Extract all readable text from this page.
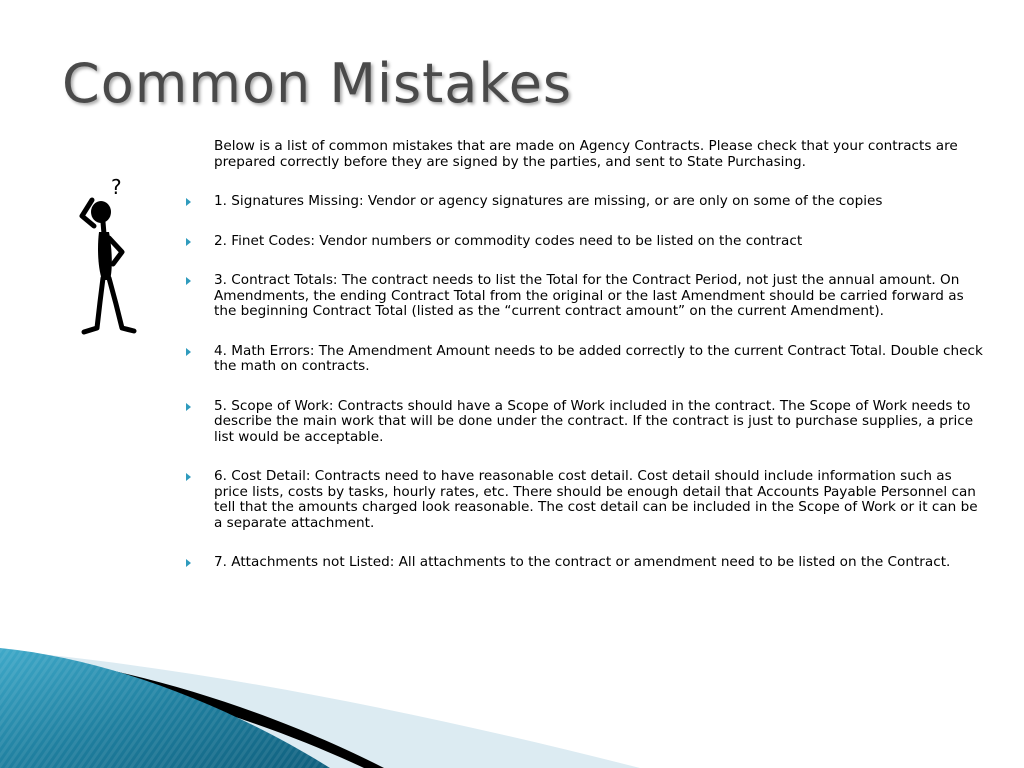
Common Mistakes
?

Below is a list of common mistakes that are made on Agency Contracts. Please check that your contracts are prepared correctly before they are signed by the parties, and sent to State Purchasing.

1. Signatures Missing: Vendor or agency signatures are missing, or are only on some of the copies
2. Finet Codes: Vendor numbers or commodity codes need to be listed on the contract
3. Contract Totals: The contract needs to list the Total for the Contract Period, not just the annual amount. On Amendments, the ending Contract Total from the original or the last Amendment should be carried forward as the beginning Contract Total (listed as the “current contract amount” on the current Amendment).
4. Math Errors: The Amendment Amount needs to be added correctly to the current Contract Total. Double check the math on contracts.
5. Scope of Work: Contracts should have a Scope of Work included in the contract. The Scope of Work needs to describe the main work that will be done under the contract. If the contract is just to purchase supplies, a price list would be acceptable.
6. Cost Detail: Contracts need to have reasonable cost detail. Cost detail should include information such as price lists, costs by tasks, hourly rates, etc. There should be enough detail that Accounts Payable Personnel can tell that the amounts charged look reasonable. The cost detail can be included in the Scope of Work or it can be a separate attachment.
7. Attachments not Listed: All attachments to the contract or amendment need to be listed on the Contract.
